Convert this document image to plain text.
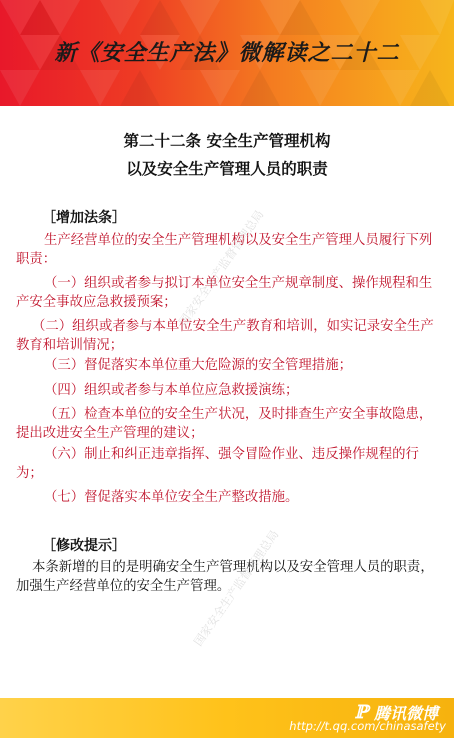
新《安全生产法》微解读之二十二
第二十二条 安全生产管理机构
以及安全生产管理人员的职责
［增加法条］
生产经营单位的安全生产管理机构以及安全生产管理人员履行下列职责：
（一）组织或者参与拟订本单位安全生产规章制度、操作规程和生产安全事故应急救援预案；
（二）组织或者参与本单位安全生产教育和培训，如实记录安全生产教育和培训情况；
（三）督促落实本单位重大危险源的安全管理措施；
（四）组织或者参与本单位应急救援演练；
（五）检查本单位的安全生产状况，及时排查生产安全事故隐患，提出改进安全生产管理的建议；
（六）制止和纠正违章指挥、强令冒险作业、违反操作规程的行为；
（七）督促落实本单位安全生产整改措施。
［修改提示］
本条新增的目的是明确安全生产管理机构以及安全管理人员的职责，加强生产经营单位的安全生产管理。
国家安全生产监督管理总局
国家安全生产监督管理总局
ℙ 腾讯微博
http://t.qq.com/chinasafety
